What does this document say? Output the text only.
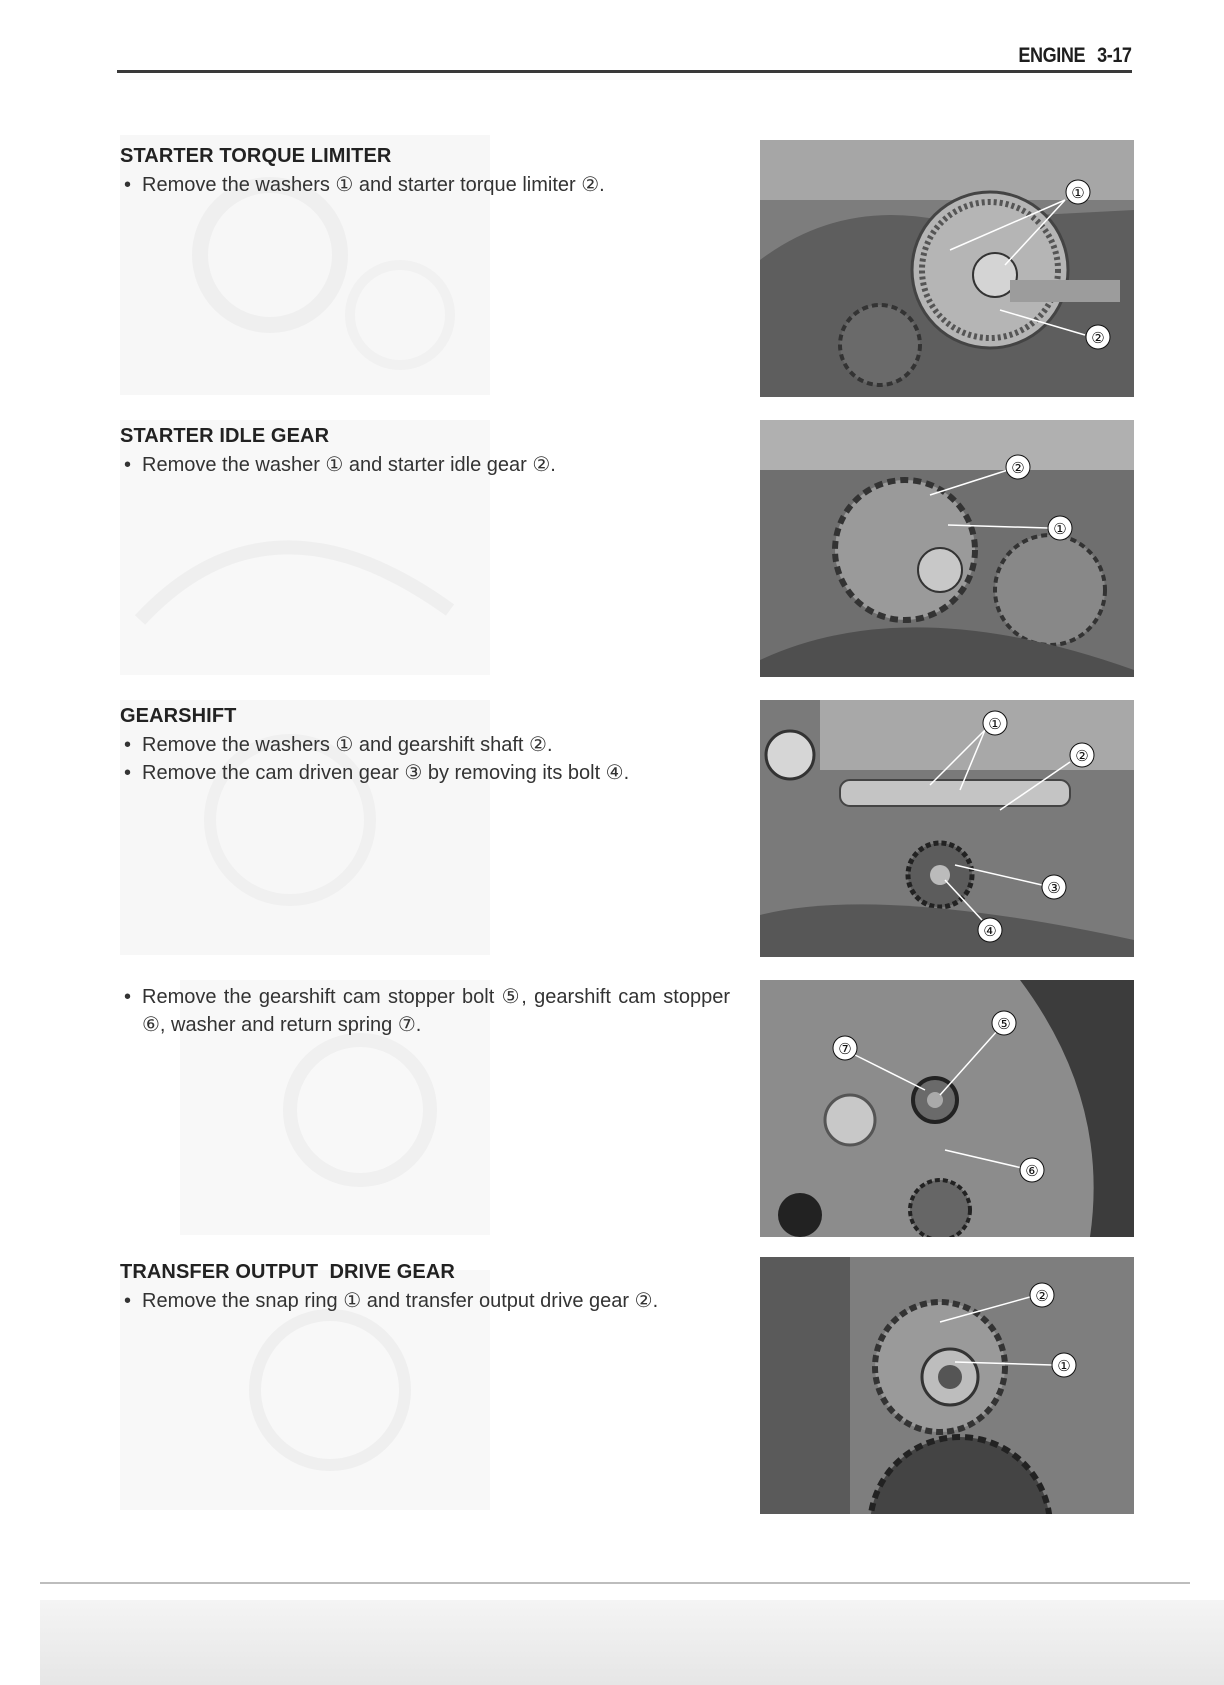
ENGINE 3-17
STARTER TORQUE LIMITER
• Remove the washers ① and starter torque limiter ②.	①
②
STARTER IDLE GEAR
• Remove the washer ① and starter idle gear ②.	②
①
GEARSHIFT
• Remove the washers ① and gearshift shaft ②.
• Remove the cam driven gear ③ by removing its bolt ④.
①
②
③
④
• Remove the gearshift cam stopper bolt ⑤, gearshift cam stopper ⑥, washer and return spring ⑦.	⑤
⑦
⑥
TRANSFER OUTPUT  DRIVE GEAR
• Remove the snap ring ① and transfer output drive gear ②.	②
①
